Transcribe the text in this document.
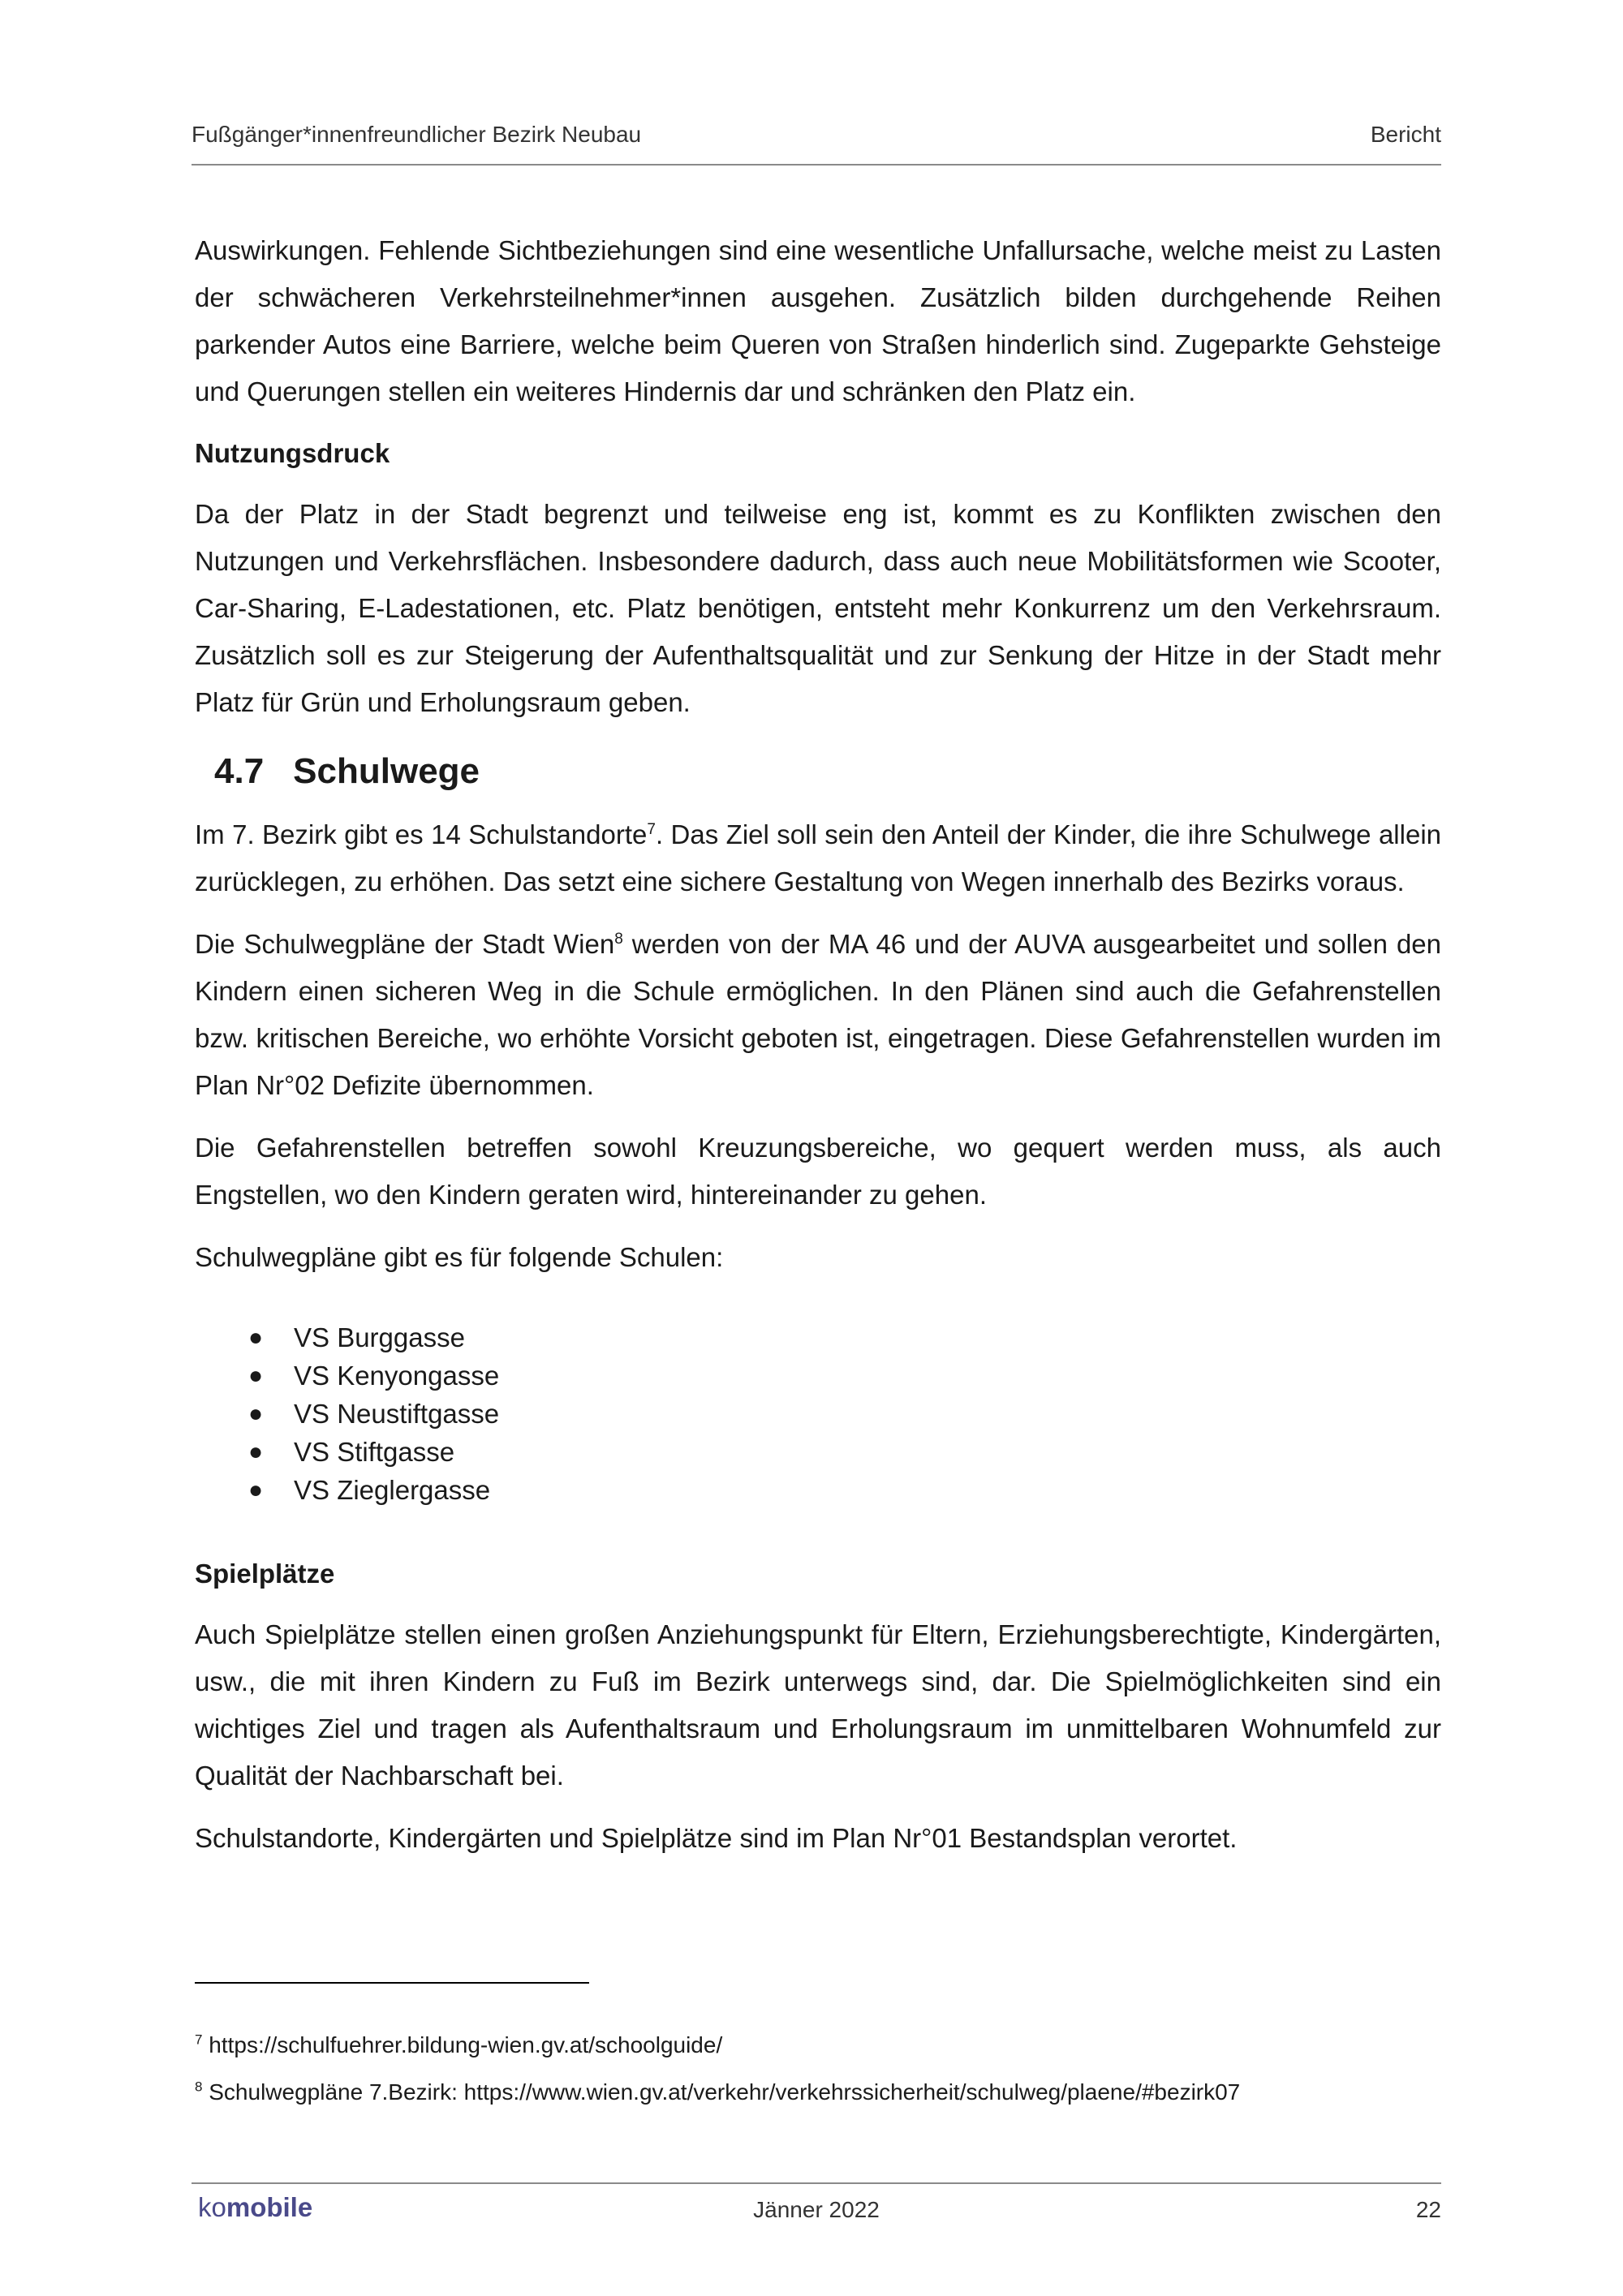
Fußgänger*innenfreundlicher Bezirk Neubau	Bericht

Auswirkungen. Fehlende Sichtbeziehungen sind eine wesentliche Unfallursache, welche meist zu Lasten der schwächeren Verkehrsteilnehmer*innen ausgehen. Zusätzlich bilden durchgehende Reihen parkender Autos eine Barriere, welche beim Queren von Straßen hinderlich sind. Zugeparkte Gehsteige und Querungen stellen ein weiteres Hindernis dar und schränken den Platz ein.

Nutzungsdruck

Da der Platz in der Stadt begrenzt und teilweise eng ist, kommt es zu Konflikten zwischen den Nutzungen und Verkehrsflächen. Insbesondere dadurch, dass auch neue Mobilitätsformen wie Scooter, Car-Sharing, E-Ladestationen, etc. Platz benötigen, entsteht mehr Konkurrenz um den Verkehrsraum. Zusätzlich soll es zur Steigerung der Aufenthaltsqualität und zur Senkung der Hitze in der Stadt mehr Platz für Grün und Erholungsraum geben.

4.7 Schulwege

Im 7. Bezirk gibt es 14 Schulstandorte$^7$. Das Ziel soll sein den Anteil der Kinder, die ihre Schulwege allein zurücklegen, zu erhöhen. Das setzt eine sichere Gestaltung von Wegen innerhalb des Bezirks voraus.

Die Schulwegpläne der Stadt Wien$^8$ werden von der MA 46 und der AUVA ausgearbeitet und sollen den Kindern einen sicheren Weg in die Schule ermöglichen. In den Plänen sind auch die Gefahrenstellen bzw. kritischen Bereiche, wo erhöhte Vorsicht geboten ist, eingetragen. Diese Gefahrenstellen wurden im Plan Nr°02 Defizite übernommen.

Die Gefahrenstellen betreffen sowohl Kreuzungsbereiche, wo gequert werden muss, als auch Engstellen, wo den Kindern geraten wird, hintereinander zu gehen.

Schulwegpläne gibt es für folgende Schulen:

●	VS Burggasse
●	VS Kenyongasse
●	VS Neustiftgasse
●	VS Stiftgasse
●	VS Zieglergasse
Spielplätze

Auch Spielplätze stellen einen großen Anziehungspunkt für Eltern, Erziehungsberechtigte, Kindergärten, usw., die mit ihren Kindern zu Fuß im Bezirk unterwegs sind, dar. Die Spielmöglichkeiten sind ein wichtiges Ziel und tragen als Aufenthaltsraum und Erholungsraum im unmittelbaren Wohnumfeld zur Qualität der Nachbarschaft bei.

Schulstandorte, Kindergärten und Spielplätze sind im Plan Nr°01 Bestandsplan verortet.

$^7$ https://schulfuehrer.bildung-wien.gv.at/schoolguide/
$^8$ Schulwegpläne 7.Bezirk: https://www.wien.gv.at/verkehr/verkehrssicherheit/schulweg/plaene/#bezirk07
komobile	Jänner 2022	22
